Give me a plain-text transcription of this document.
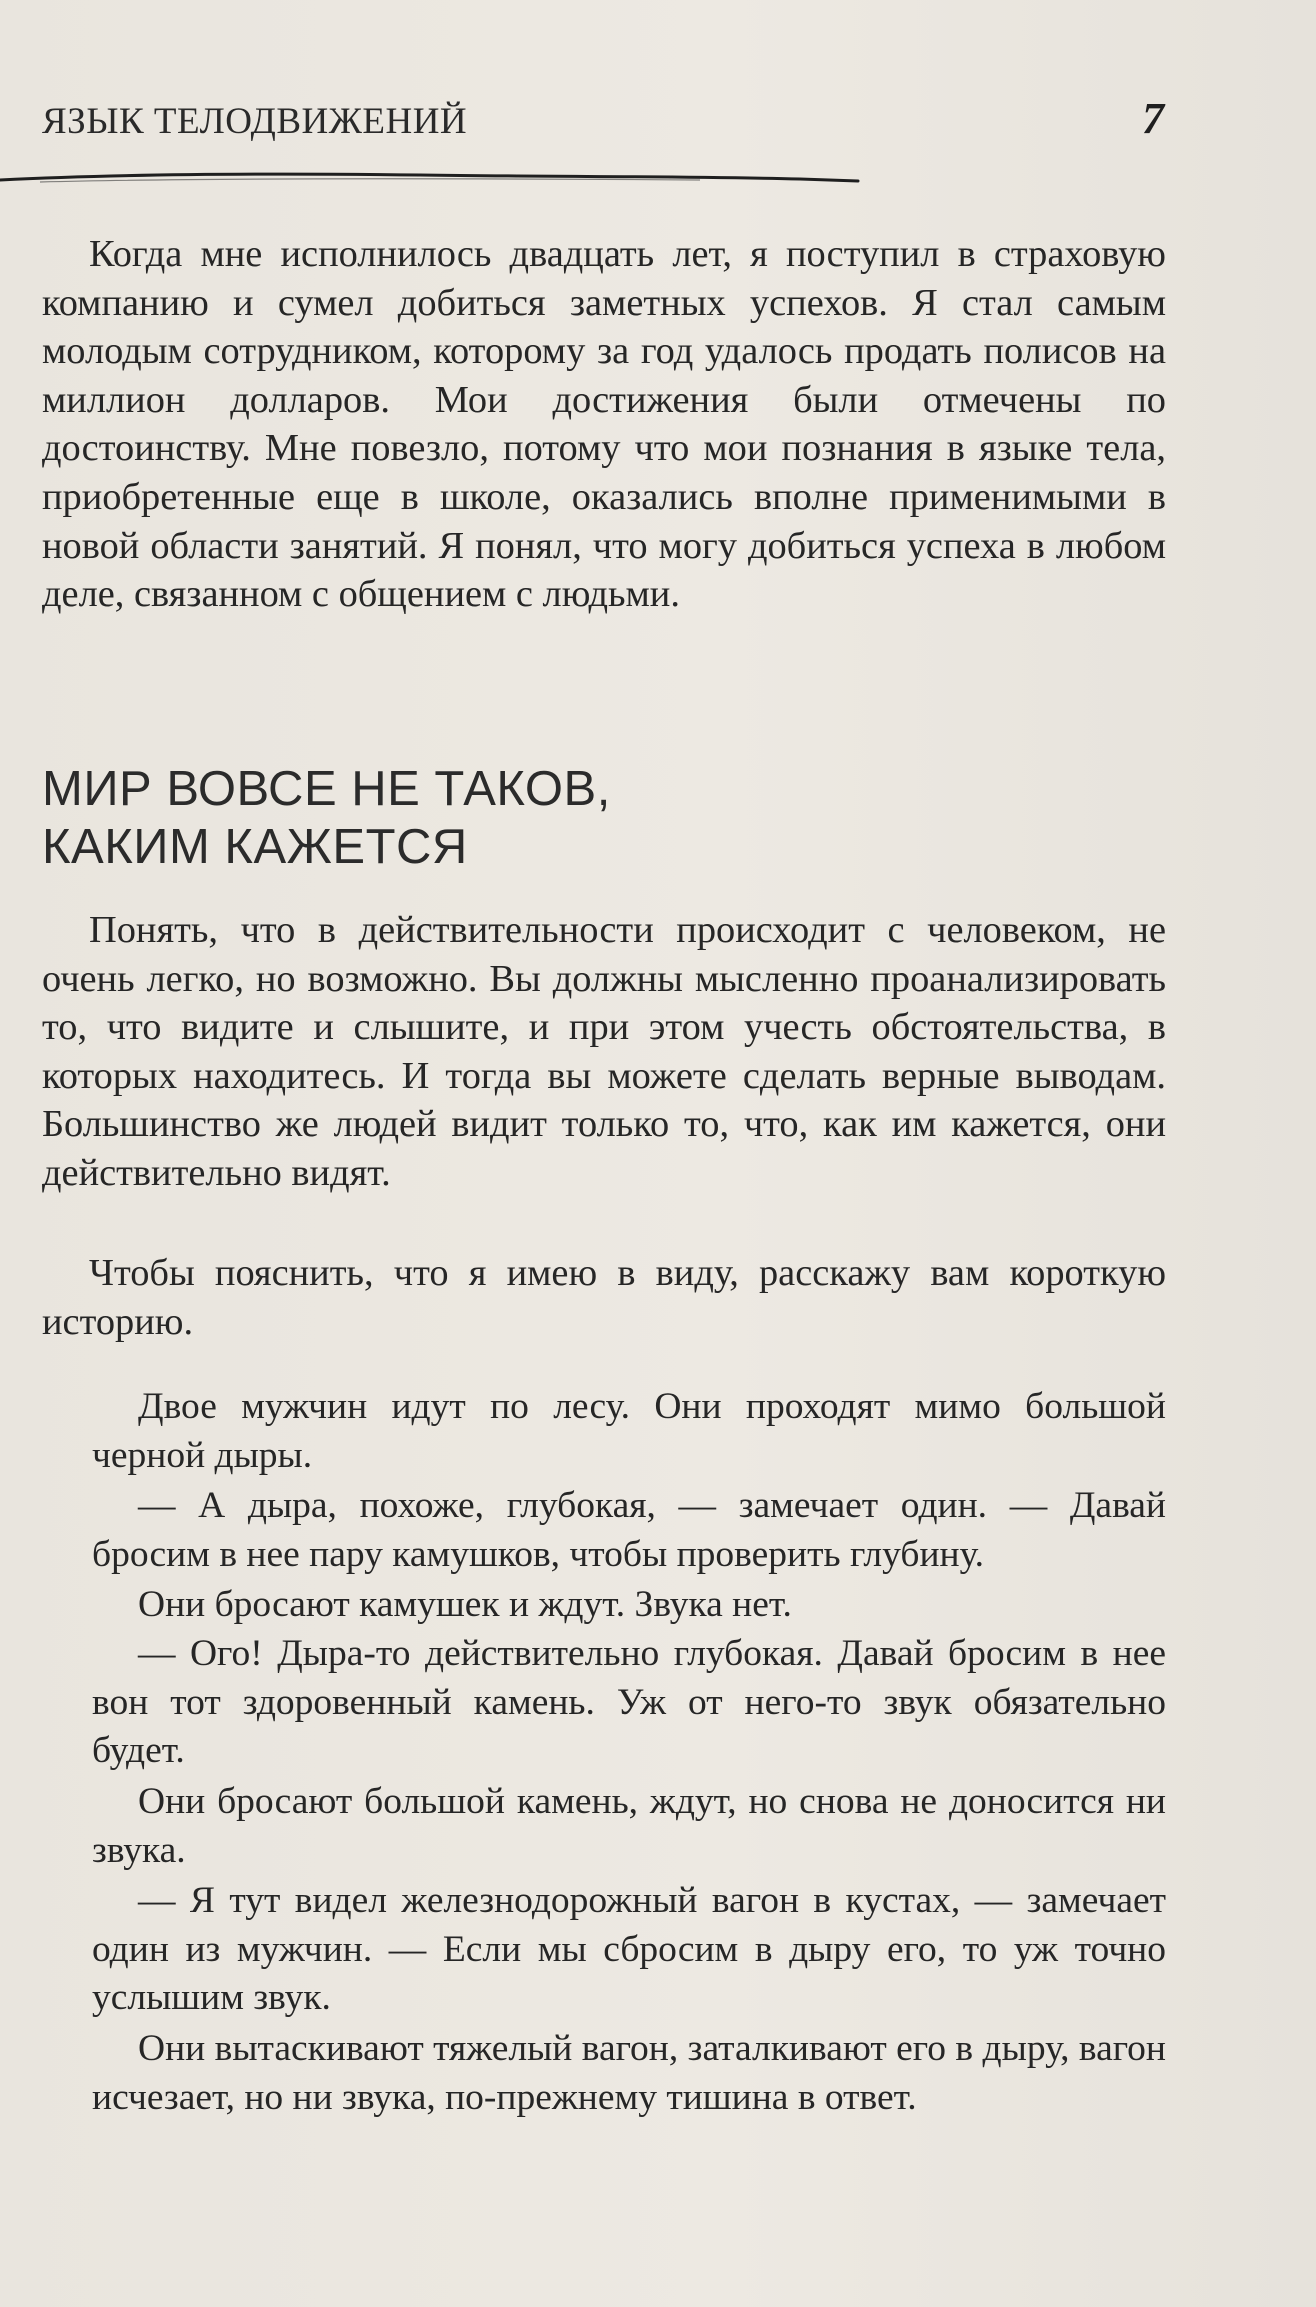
ЯЗЫК ТЕЛОДВИЖЕНИЙ	7

Когда мне исполнилось двадцать лет, я поступил в страховую компанию и сумел добиться заметных успехов. Я стал самым молодым сотрудником, которому за год удалось продать полисов на миллион долларов. Мои достижения были отмечены по достоинству. Мне повезло, потому что мои познания в языке тела, приобретенные еще в школе, оказались вполне применимыми в новой области занятий. Я понял, что могу добиться успеха в любом деле, связанном с общением с людьми.

МИР ВОВСЕ НЕ ТАКОВ,
КАКИМ КАЖЕТСЯ

Понять, что в действительности происходит с человеком, не очень легко, но возможно. Вы должны мысленно проанализировать то, что видите и слышите, и при этом учесть обстоятельства, в которых находитесь. И тогда вы можете сделать верные выводам. Большинство же людей видит только то, что, как им кажется, они действительно видят.

Чтобы пояснить, что я имею в виду, расскажу вам короткую историю.

Двое мужчин идут по лесу. Они проходят мимо большой черной дыры.

— А дыра, похоже, глубокая, — замечает один. — Давай бросим в нее пару камушков, чтобы проверить глубину.

Они бросают камушек и ждут. Звука нет.

— Ого! Дыра-то действительно глубокая. Давай бросим в нее вон тот здоровенный камень. Уж от него-то звук обязательно будет.

Они бросают большой камень, ждут, но снова не доносится ни звука.

— Я тут видел железнодорожный вагон в кустах, — замечает один из мужчин. — Если мы сбросим в дыру его, то уж точно услышим звук.

Они вытаскивают тяжелый вагон, заталкивают его в дыру, вагон исчезает, но ни звука, по-прежнему тишина в ответ.
